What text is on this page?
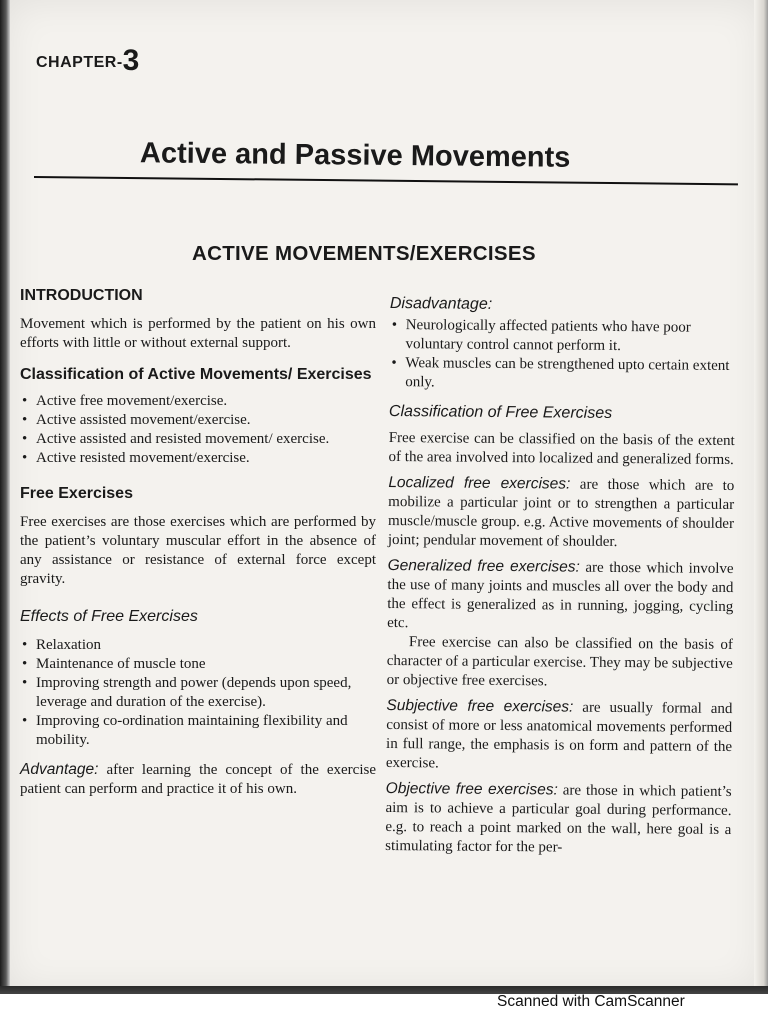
CHAPTER-3
Active and Passive Movements
ACTIVE MOVEMENTS/EXERCISES

INTRODUCTION

Movement which is performed by the patient on his own efforts with little or without external support.

Classification of Active Movements/ Exercises

• Active free movement/exercise.
• Active assisted movement/exercise.
• Active assisted and resisted movement/ exercise.
• Active resisted movement/exercise.

Free Exercises

Free exercises are those exercises which are performed by the patient’s voluntary muscular effort in the absence of any assistance or resistance of external force except gravity.

Effects of Free Exercises

• Relaxation
• Maintenance of muscle tone
• Improving strength and power (depends upon speed, leverage and duration of the exercise).
• Improving co-ordination maintaining flexibility and mobility.

Advantage: after learning the concept of the exercise patient can perform and practice it of his own.

Disadvantage:

• Neurologically affected patients who have poor voluntary control cannot perform it.
• Weak muscles can be strengthened upto certain extent only.

Classification of Free Exercises

Free exercise can be classified on the basis of the extent of the area involved into localized and generalized forms.

Localized free exercises: are those which are to mobilize a particular joint or to strengthen a particular muscle/muscle group. e.g. Active movements of shoulder joint; pendular movement of shoulder.

Generalized free exercises: are those which involve the use of many joints and muscles all over the body and the effect is generalized as in running, jogging, cycling etc.

Free exercise can also be classified on the basis of character of a particular exercise. They may be subjective or objective free exercises.

Subjective free exercises: are usually formal and consist of more or less anatomical movements performed in full range, the emphasis is on form and pattern of the exercise.

Objective free exercises: are those in which patient’s aim is to achieve a particular goal during performance. e.g. to reach a point marked on the wall, here goal is a stimulating factor for the per-

Scanned with CamScanner
